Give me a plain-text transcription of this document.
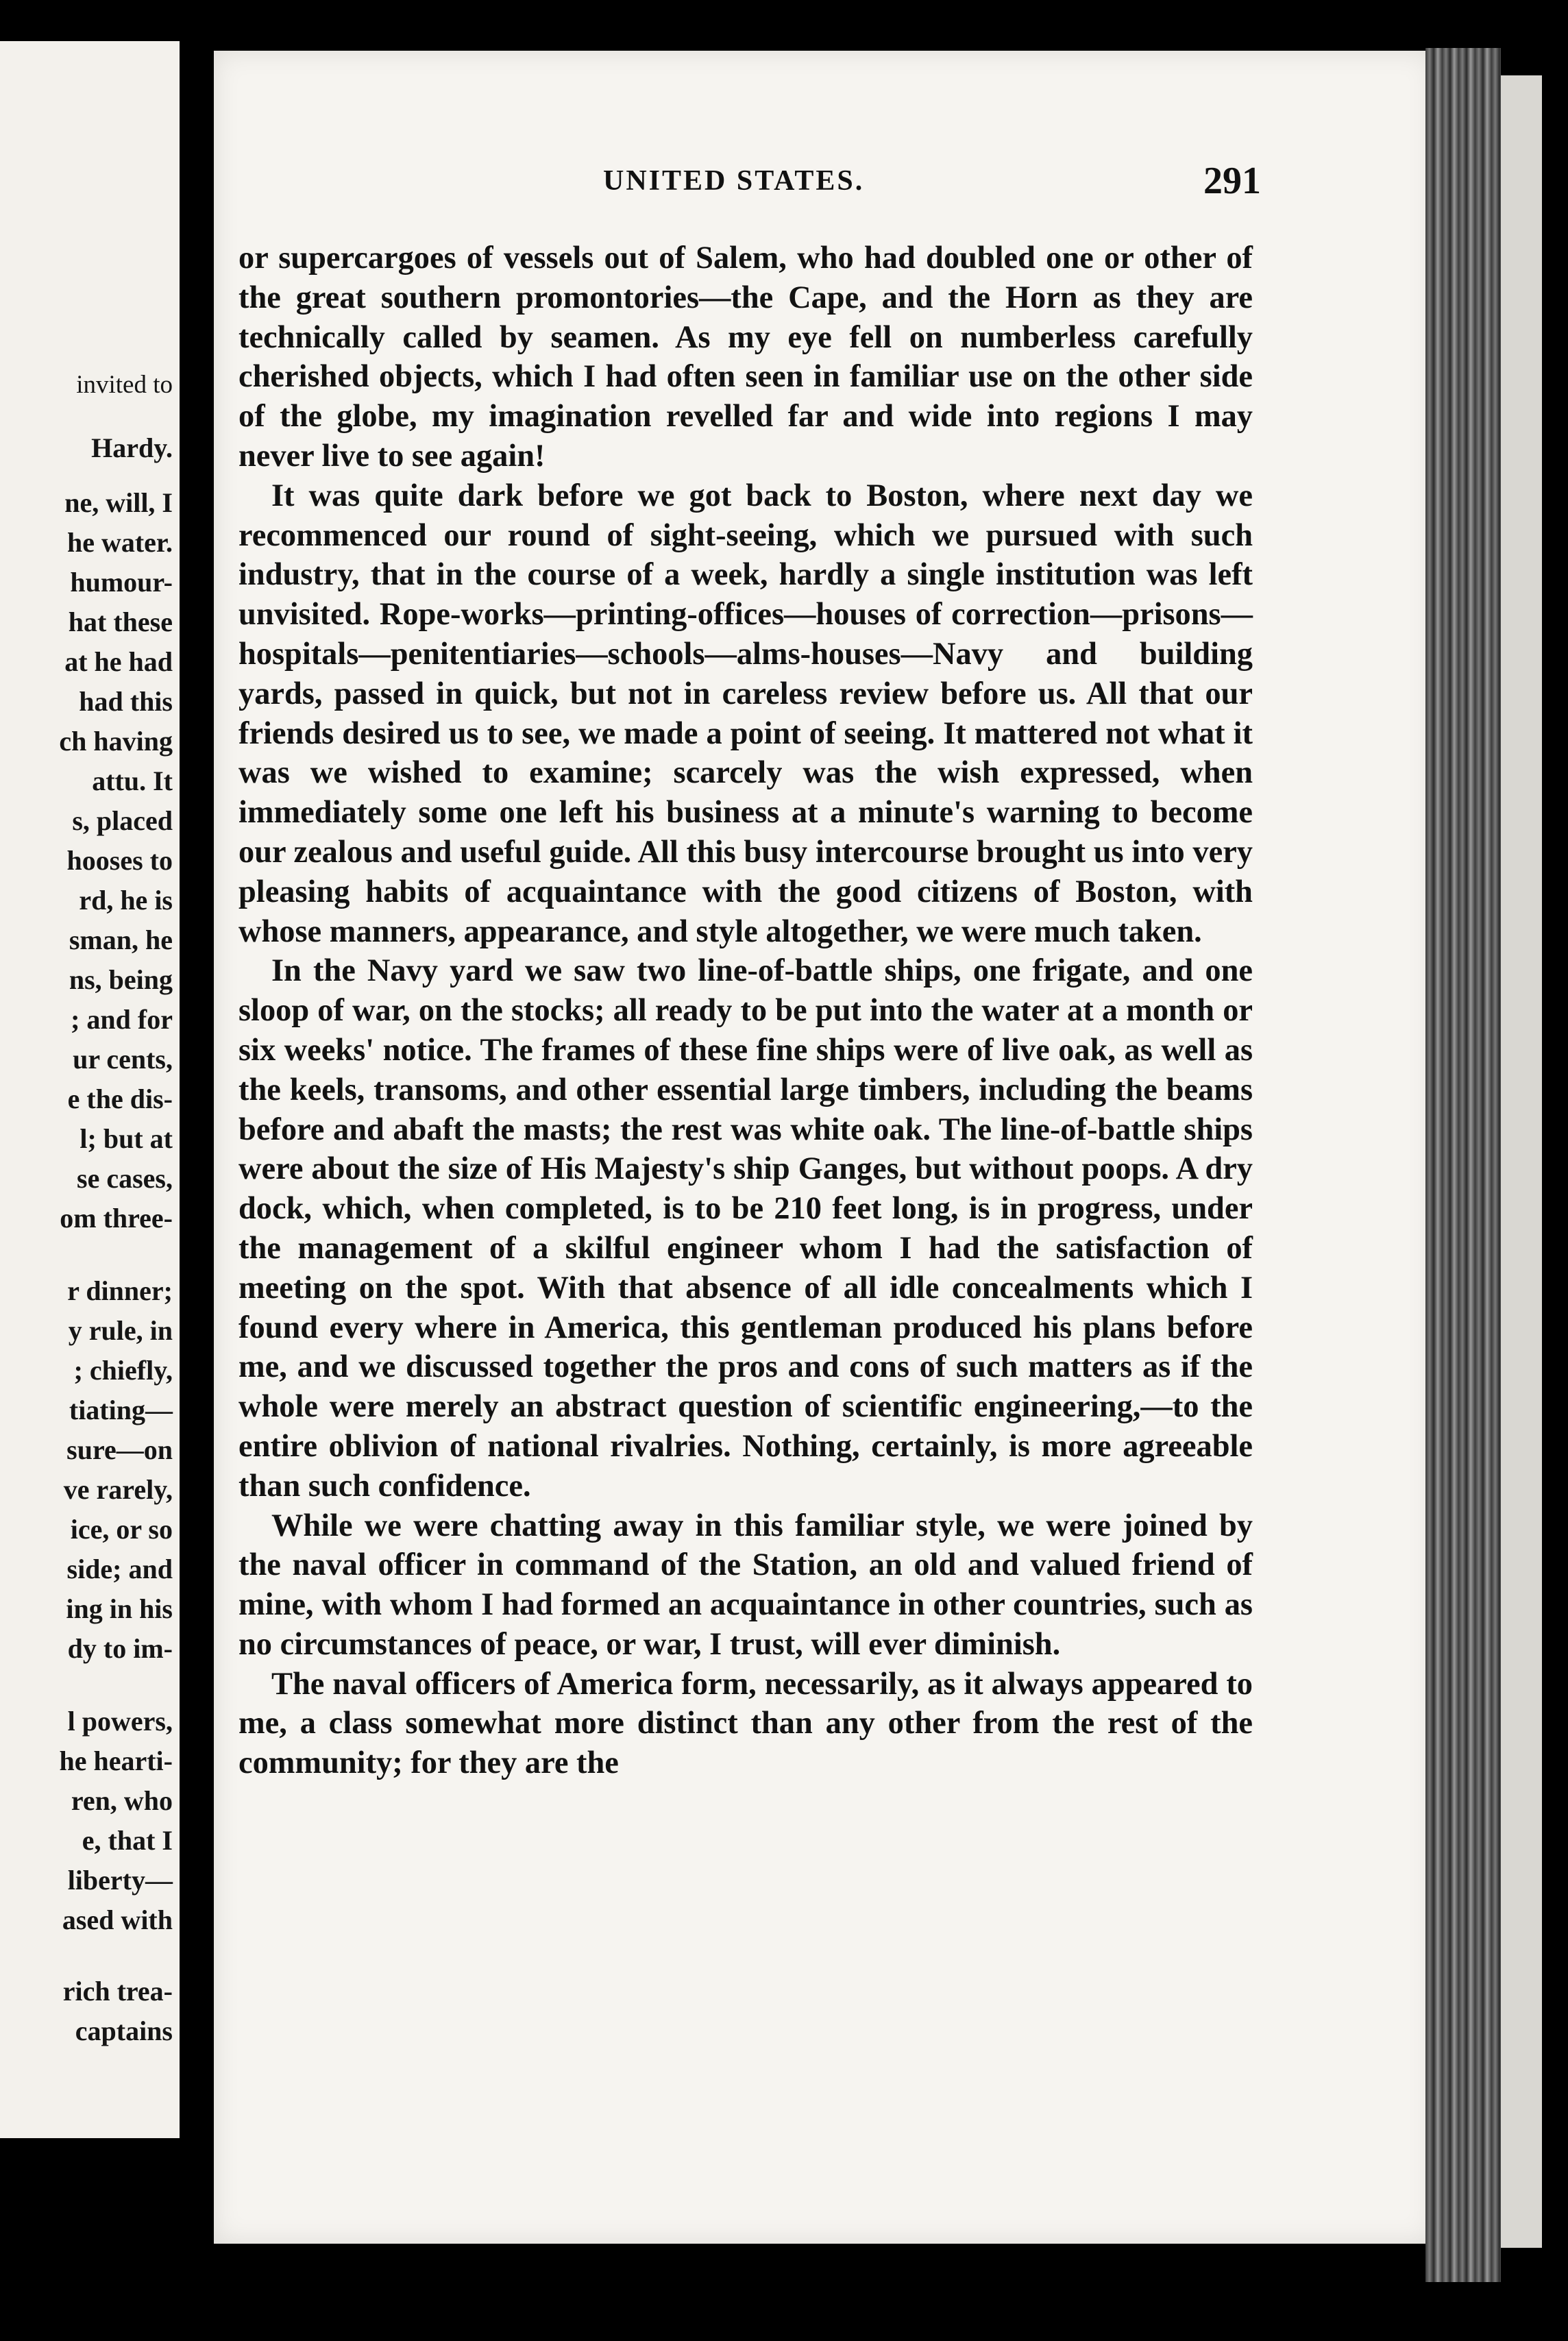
invited to
Hardy.
ne, will, I
he water.
humour-
hat these
at he had
had this
ch having
attu. It
s, placed
hooses to
rd, he is
sman, he
ns, being
; and for
ur cents,
e the dis-
l; but at
se cases,
om three-
r dinner;
y rule, in
; chiefly,
tiating—
sure—on
ve rarely,
ice, or so
side; and
ing in his
dy to im-
l powers,
he hearti-
ren, who
e, that I
liberty—
ased with
rich trea-
captains
UNITED STATES.	291

or supercargoes of vessels out of Salem, who had doubled one or other of the great southern promontories—the Cape, and the Horn as they are technically called by seamen. As my eye fell on numberless carefully cherished objects, which I had often seen in familiar use on the other side of the globe, my imagination revelled far and wide into regions I may never live to see again!

It was quite dark before we got back to Boston, where next day we recommenced our round of sight-seeing, which we pursued with such industry, that in the course of a week, hardly a single institution was left unvisited. Rope-works—printing-offices—houses of correction—prisons—hospitals—penitentiaries—schools—alms-houses—Navy and building yards, passed in quick, but not in careless review before us. All that our friends desired us to see, we made a point of seeing. It mattered not what it was we wished to examine; scarcely was the wish expressed, when immediately some one left his business at a minute's warning to become our zealous and useful guide. All this busy intercourse brought us into very pleasing habits of acquaintance with the good citizens of Boston, with whose manners, appearance, and style altogether, we were much taken.

In the Navy yard we saw two line-of-battle ships, one frigate, and one sloop of war, on the stocks; all ready to be put into the water at a month or six weeks' notice. The frames of these fine ships were of live oak, as well as the keels, transoms, and other essential large timbers, including the beams before and abaft the masts; the rest was white oak. The line-of-battle ships were about the size of His Majesty's ship Ganges, but without poops. A dry dock, which, when completed, is to be 210 feet long, is in progress, under the management of a skilful engineer whom I had the satisfaction of meeting on the spot. With that absence of all idle concealments which I found every where in America, this gentleman produced his plans before me, and we discussed together the pros and cons of such matters as if the whole were merely an abstract question of scientific engineering,—to the entire oblivion of national rivalries. Nothing, certainly, is more agreeable than such confidence.

While we were chatting away in this familiar style, we were joined by the naval officer in command of the Station, an old and valued friend of mine, with whom I had formed an acquaintance in other countries, such as no circumstances of peace, or war, I trust, will ever diminish.

The naval officers of America form, necessarily, as it always appeared to me, a class somewhat more distinct than any other from the rest of the community; for they are the
